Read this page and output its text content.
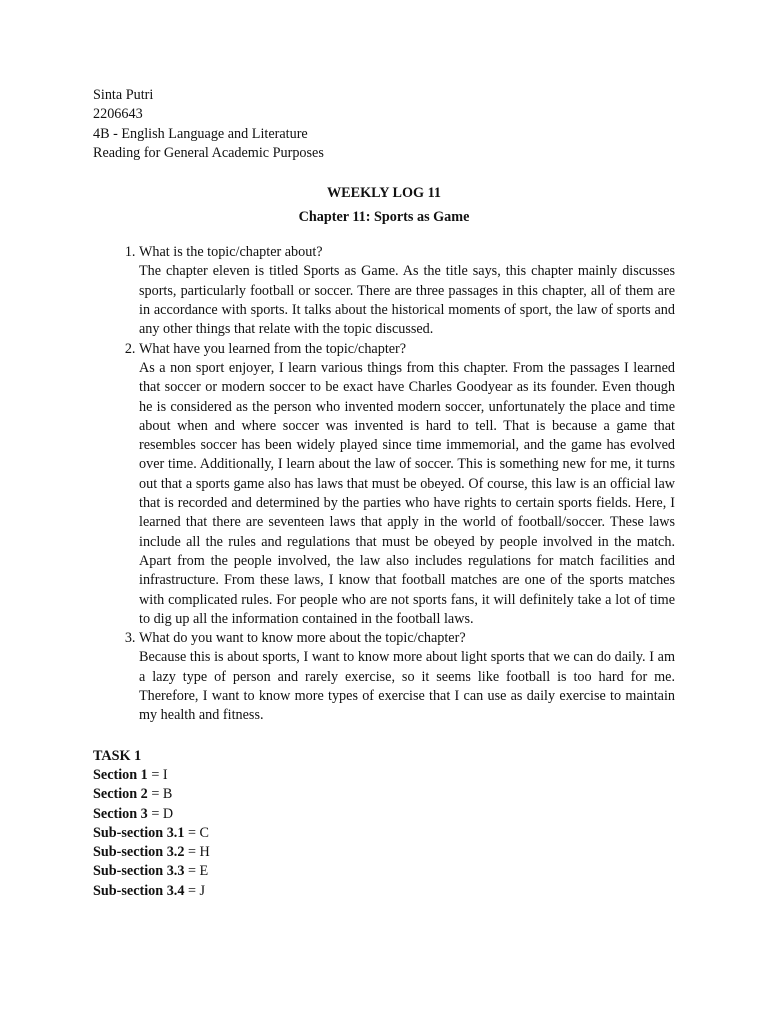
Sinta Putri
2206643
4B - English Language and Literature
Reading for General Academic Purposes
WEEKLY LOG 11
Chapter 11: Sports as Game
1. What is the topic/chapter about?
The chapter eleven is titled Sports as Game. As the title says, this chapter mainly discusses sports, particularly football or soccer. There are three passages in this chapter, all of them are in accordance with sports. It talks about the historical moments of sport, the law of sports and any other things that relate with the topic discussed.
2. What have you learned from the topic/chapter?
As a non sport enjoyer, I learn various things from this chapter. From the passages I learned that soccer or modern soccer to be exact have Charles Goodyear as its founder. Even though he is considered as the person who invented modern soccer, unfortunately the place and time about when and where soccer was invented is hard to tell. That is because a game that resembles soccer has been widely played since time immemorial, and the game has evolved over time. Additionally, I learn about the law of soccer. This is something new for me, it turns out that a sports game also has laws that must be obeyed. Of course, this law is an official law that is recorded and determined by the parties who have rights to certain sports fields. Here, I learned that there are seventeen laws that apply in the world of football/soccer. These laws include all the rules and regulations that must be obeyed by people involved in the match. Apart from the people involved, the law also includes regulations for match facilities and infrastructure. From these laws, I know that football matches are one of the sports matches with complicated rules. For people who are not sports fans, it will definitely take a lot of time to dig up all the information contained in the football laws.
3. What do you want to know more about the topic/chapter?
Because this is about sports, I want to know more about light sports that we can do daily. I am a lazy type of person and rarely exercise, so it seems like football is too hard for me. Therefore, I want to know more types of exercise that I can use as daily exercise to maintain my health and fitness.
TASK 1
Section 1 = I
Section 2 = B
Section 3 = D
Sub-section 3.1 = C
Sub-section 3.2 = H
Sub-section 3.3 = E
Sub-section 3.4 = J
